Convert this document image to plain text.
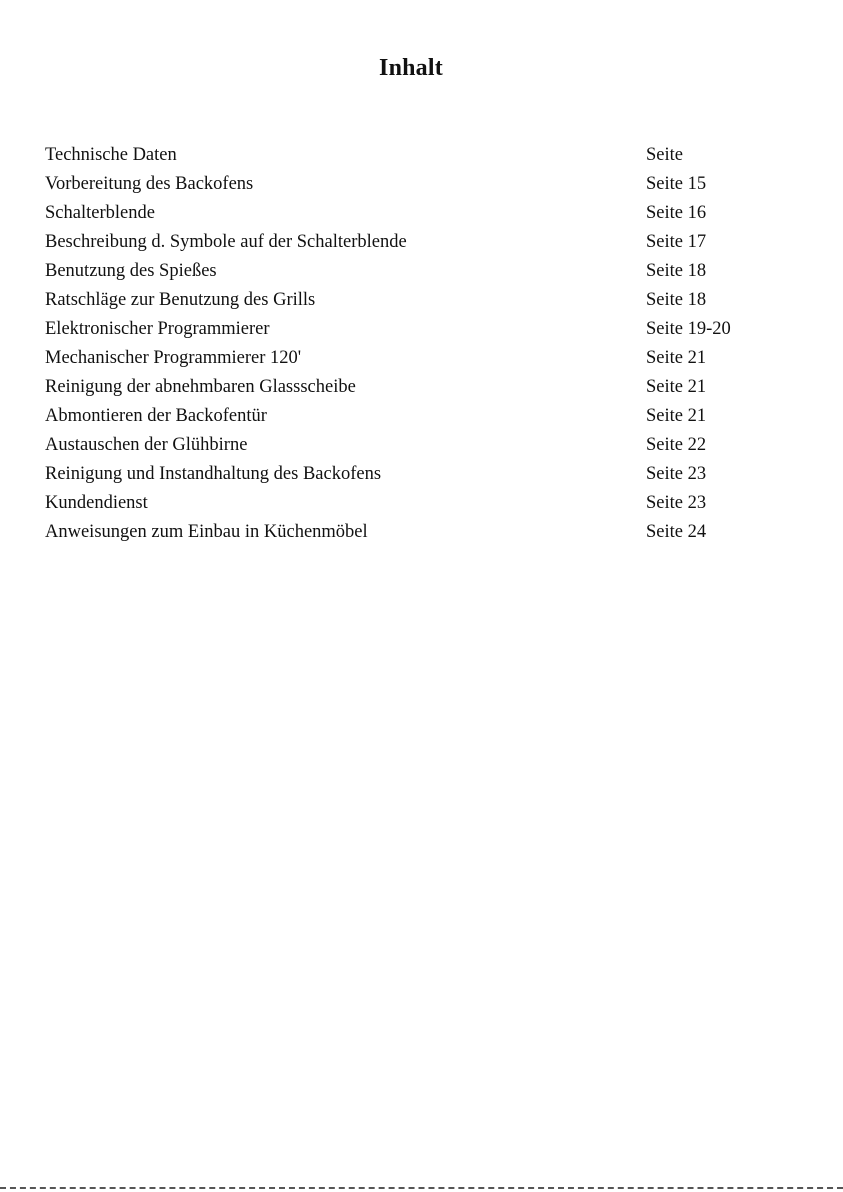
Inhalt
Technische Daten	Seite
Vorbereitung des Backofens	Seite 15
Schalterblende	Seite 16
Beschreibung d. Symbole auf der Schalterblende	Seite 17
Benutzung des Spießes	Seite 18
Ratschläge zur Benutzung des Grills	Seite 18
Elektronischer Programmierer	Seite 19-20
Mechanischer Programmierer 120'	Seite 21
Reinigung der abnehmbaren Glassscheibe	Seite 21
Abmontieren der Backofentür	Seite 21
Austauschen der Glühbirne	Seite 22
Reinigung und Instandhaltung des Backofens	Seite 23
Kundendienst	Seite 23
Anweisungen zum Einbau in Küchenmöbel	Seite 24
